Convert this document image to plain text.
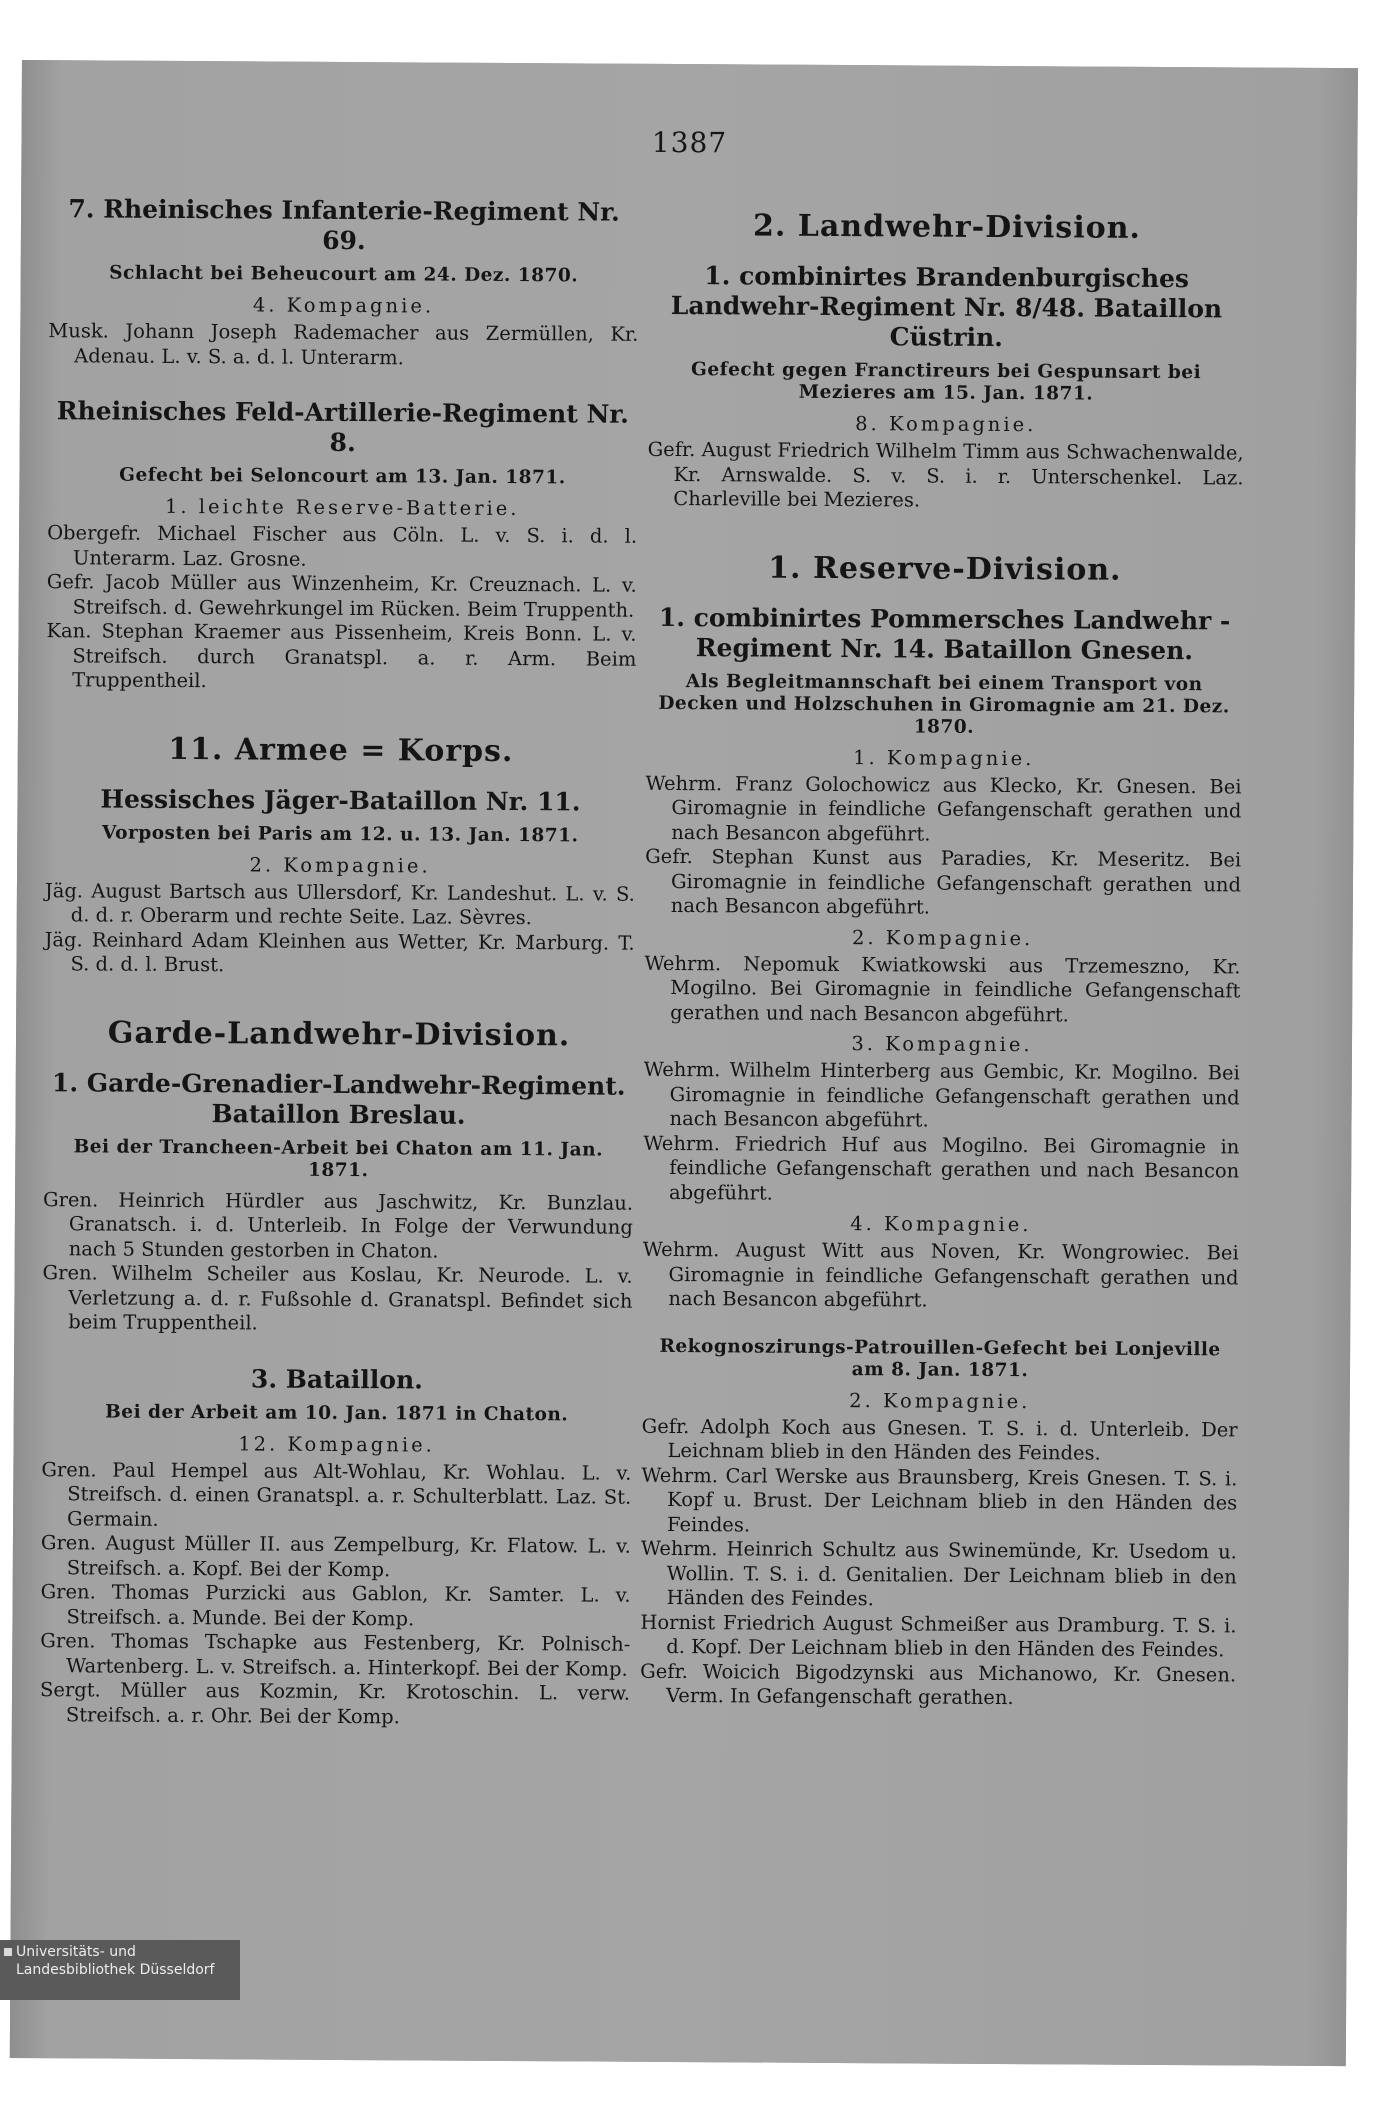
1387
7. Rheinisches Infanterie-Regiment Nr. 69.
Schlacht bei Beheucourt am 24. Dez. 1870.
4. Kompagnie.
Musk. Johann Joseph Rademacher aus Zermüllen, Kr. Adenau. L. v. S. a. d. l. Unterarm.
Rheinisches Feld-Artillerie-Regiment Nr. 8.
Gefecht bei Seloncourt am 13. Jan. 1871.
1. leichte Reserve-Batterie.
Obergefr. Michael Fischer aus Cöln. L. v. S. i. d. l. Unterarm. Laz. Grosne.
Gefr. Jacob Müller aus Winzenheim, Kr. Creuznach. L. v. Streifsch. d. Gewehrkungel im Rücken. Beim Truppenth.
Kan. Stephan Kraemer aus Pissenheim, Kreis Bonn. L. v. Streifsch. durch Granatspl. a. r. Arm. Beim Truppentheil.
11. Armee = Korps.
Hessisches Jäger-Bataillon Nr. 11.
Vorposten bei Paris am 12. u. 13. Jan. 1871.
2. Kompagnie.
Jäg. August Bartsch aus Ullersdorf, Kr. Landeshut. L. v. S. d. d. r. Oberarm und rechte Seite. Laz. Sèvres.
Jäg. Reinhard Adam Kleinhen aus Wetter, Kr. Marburg. T. S. d. d. l. Brust.
Garde-Landwehr-Division.
1. Garde-Grenadier-Landwehr-Regiment. Bataillon Breslau.
Bei der Trancheen-Arbeit bei Chaton am 11. Jan. 1871.
Gren. Heinrich Hürdler aus Jaschwitz, Kr. Bunzlau. Granatsch. i. d. Unterleib. In Folge der Verwundung nach 5 Stunden gestorben in Chaton.
Gren. Wilhelm Scheiler aus Koslau, Kr. Neurode. L. v. Verletzung a. d. r. Fußsohle d. Granatspl. Befindet sich beim Truppentheil.
3. Bataillon.
Bei der Arbeit am 10. Jan. 1871 in Chaton.
12. Kompagnie.
Gren. Paul Hempel aus Alt-Wohlau, Kr. Wohlau. L. v. Streifsch. d. einen Granatspl. a. r. Schulterblatt. Laz. St. Germain.
Gren. August Müller II. aus Zempelburg, Kr. Flatow. L. v. Streifsch. a. Kopf. Bei der Komp.
Gren. Thomas Purzicki aus Gablon, Kr. Samter. L. v. Streifsch. a. Munde. Bei der Komp.
Gren. Thomas Tschapke aus Festenberg, Kr. Polnisch-Wartenberg. L. v. Streifsch. a. Hinterkopf. Bei der Komp.
Sergt. Müller aus Kozmin, Kr. Krotoschin. L. verw. Streifsch. a. r. Ohr. Bei der Komp.
2. Landwehr-Division.
1. combinirtes Brandenburgisches Landwehr-Regiment Nr. 8/48. Bataillon Cüstrin.
Gefecht gegen Franctireurs bei Gespunsart bei Mezieres am 15. Jan. 1871.
8. Kompagnie.
Gefr. August Friedrich Wilhelm Timm aus Schwachenwalde, Kr. Arnswalde. S. v. S. i. r. Unterschenkel. Laz. Charleville bei Mezieres.
1. Reserve-Division.
1. combinirtes Pommersches Landwehr - Regiment Nr. 14. Bataillon Gnesen.
Als Begleitmannschaft bei einem Transport von Decken und Holzschuhen in Giromagnie am 21. Dez. 1870.
1. Kompagnie.
Wehrm. Franz Golochowicz aus Klecko, Kr. Gnesen. Bei Giromagnie in feindliche Gefangenschaft gerathen und nach Besancon abgeführt.
Gefr. Stephan Kunst aus Paradies, Kr. Meseritz. Bei Giromagnie in feindliche Gefangenschaft gerathen und nach Besancon abgeführt.
2. Kompagnie.
Wehrm. Nepomuk Kwiatkowski aus Trzemeszno, Kr. Mogilno. Bei Giromagnie in feindliche Gefangenschaft gerathen und nach Besancon abgeführt.
3. Kompagnie.
Wehrm. Wilhelm Hinterberg aus Gembic, Kr. Mogilno. Bei Giromagnie in feindliche Gefangenschaft gerathen und nach Besancon abgeführt.
Wehrm. Friedrich Huf aus Mogilno. Bei Giromagnie in feindliche Gefangenschaft gerathen und nach Besancon abgeführt.
4. Kompagnie.
Wehrm. August Witt aus Noven, Kr. Wongrowiec. Bei Giromagnie in feindliche Gefangenschaft gerathen und nach Besancon abgeführt.
Rekognoszirungs-Patrouillen-Gefecht bei Lonjeville am 8. Jan. 1871.
2. Kompagnie.
Gefr. Adolph Koch aus Gnesen. T. S. i. d. Unterleib. Der Leichnam blieb in den Händen des Feindes.
Wehrm. Carl Werske aus Braunsberg, Kreis Gnesen. T. S. i. Kopf u. Brust. Der Leichnam blieb in den Händen des Feindes.
Wehrm. Heinrich Schultz aus Swinemünde, Kr. Usedom u. Wollin. T. S. i. d. Genitalien. Der Leichnam blieb in den Händen des Feindes.
Hornist Friedrich August Schmeißer aus Dramburg. T. S. i. d. Kopf. Der Leichnam blieb in den Händen des Feindes.
Gefr. Woicich Bigodzynski aus Michanowo, Kr. Gnesen. Verm. In Gefangenschaft gerathen.
Universitäts- und
Landesbibliothek Düsseldorf
